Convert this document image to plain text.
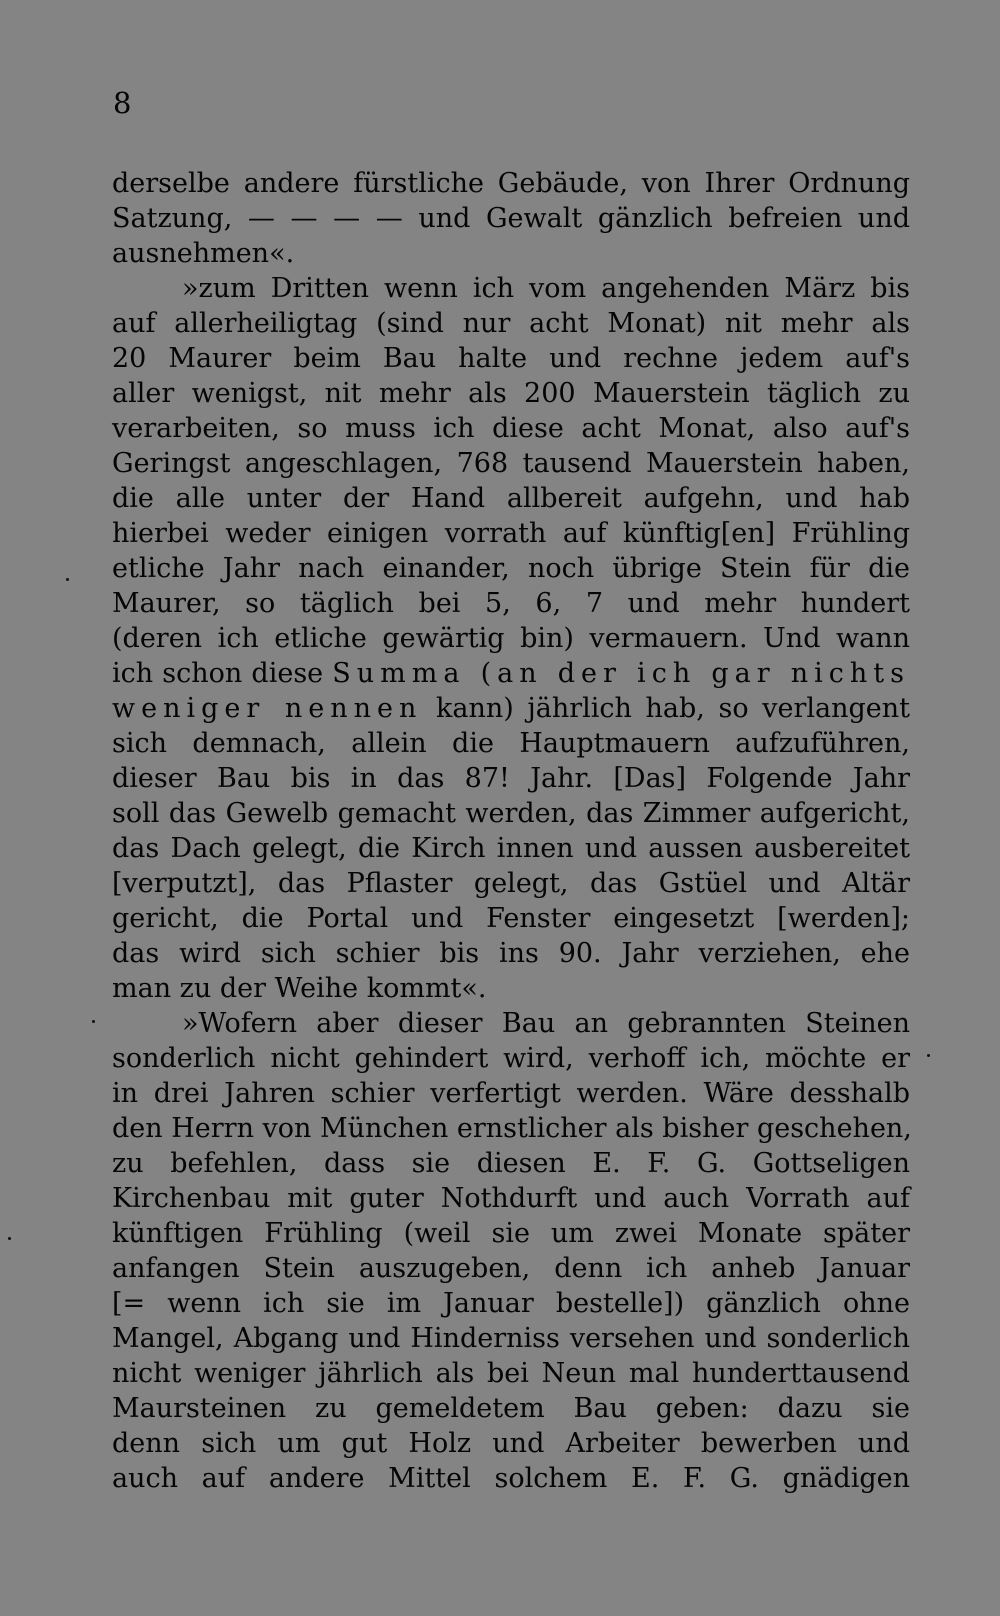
8
derselbe andere fürstliche Gebäude, von Ihrer Ordnung
Satzung, — — — — und Gewalt gänzlich befreien und
ausnehmen«.
»zum Dritten wenn ich vom angehenden März bis
auf allerheiligtag (sind nur acht Monat) nit mehr als
20 Maurer beim Bau halte und rechne jedem auf's
aller wenigst, nit mehr als 200 Mauerstein täglich zu
verarbeiten, so muss ich diese acht Monat, also auf's
Geringst angeschlagen, 768 tausend Mauerstein haben,
die alle unter der Hand allbereit aufgehn, und hab
hierbei weder einigen vorrath auf künftig[en] Frühling
etliche Jahr nach einander, noch übrige Stein für die
Maurer, so täglich bei 5, 6, 7 und mehr hundert
(deren ich etliche gewärtig bin) vermauern. Und wann
ich schon diese Summa (an der ich gar nichts
weniger nennen kann) jährlich hab, so verlangent
sich demnach, allein die Hauptmauern aufzuführen,
dieser Bau bis in das 87! Jahr. [Das] Folgende Jahr
soll das Gewelb gemacht werden, das Zimmer aufgericht,
das Dach gelegt, die Kirch innen und aussen ausbereitet
[verputzt], das Pflaster gelegt, das Gstüel und Altär
gericht, die Portal und Fenster eingesetzt [werden];
das wird sich schier bis ins 90. Jahr verziehen, ehe
man zu der Weihe kommt«.
»Wofern aber dieser Bau an gebrannten Steinen
sonderlich nicht gehindert wird, verhoff ich, möchte er
in drei Jahren schier verfertigt werden. Wäre desshalb
den Herrn von München ernstlicher als bisher geschehen,
zu befehlen, dass sie diesen E. F. G. Gottseligen
Kirchenbau mit guter Nothdurft und auch Vorrath auf
künftigen Frühling (weil sie um zwei Monate später
anfangen Stein auszugeben, denn ich anheb Januar
[= wenn ich sie im Januar bestelle]) gänzlich ohne
Mangel, Abgang und Hinderniss versehen und sonderlich
nicht weniger jährlich als bei Neun mal hunderttausend
Maursteinen zu gemeldetem Bau geben: dazu sie
denn sich um gut Holz und Arbeiter bewerben und
auch auf andere Mittel solchem E. F. G. gnädigen
